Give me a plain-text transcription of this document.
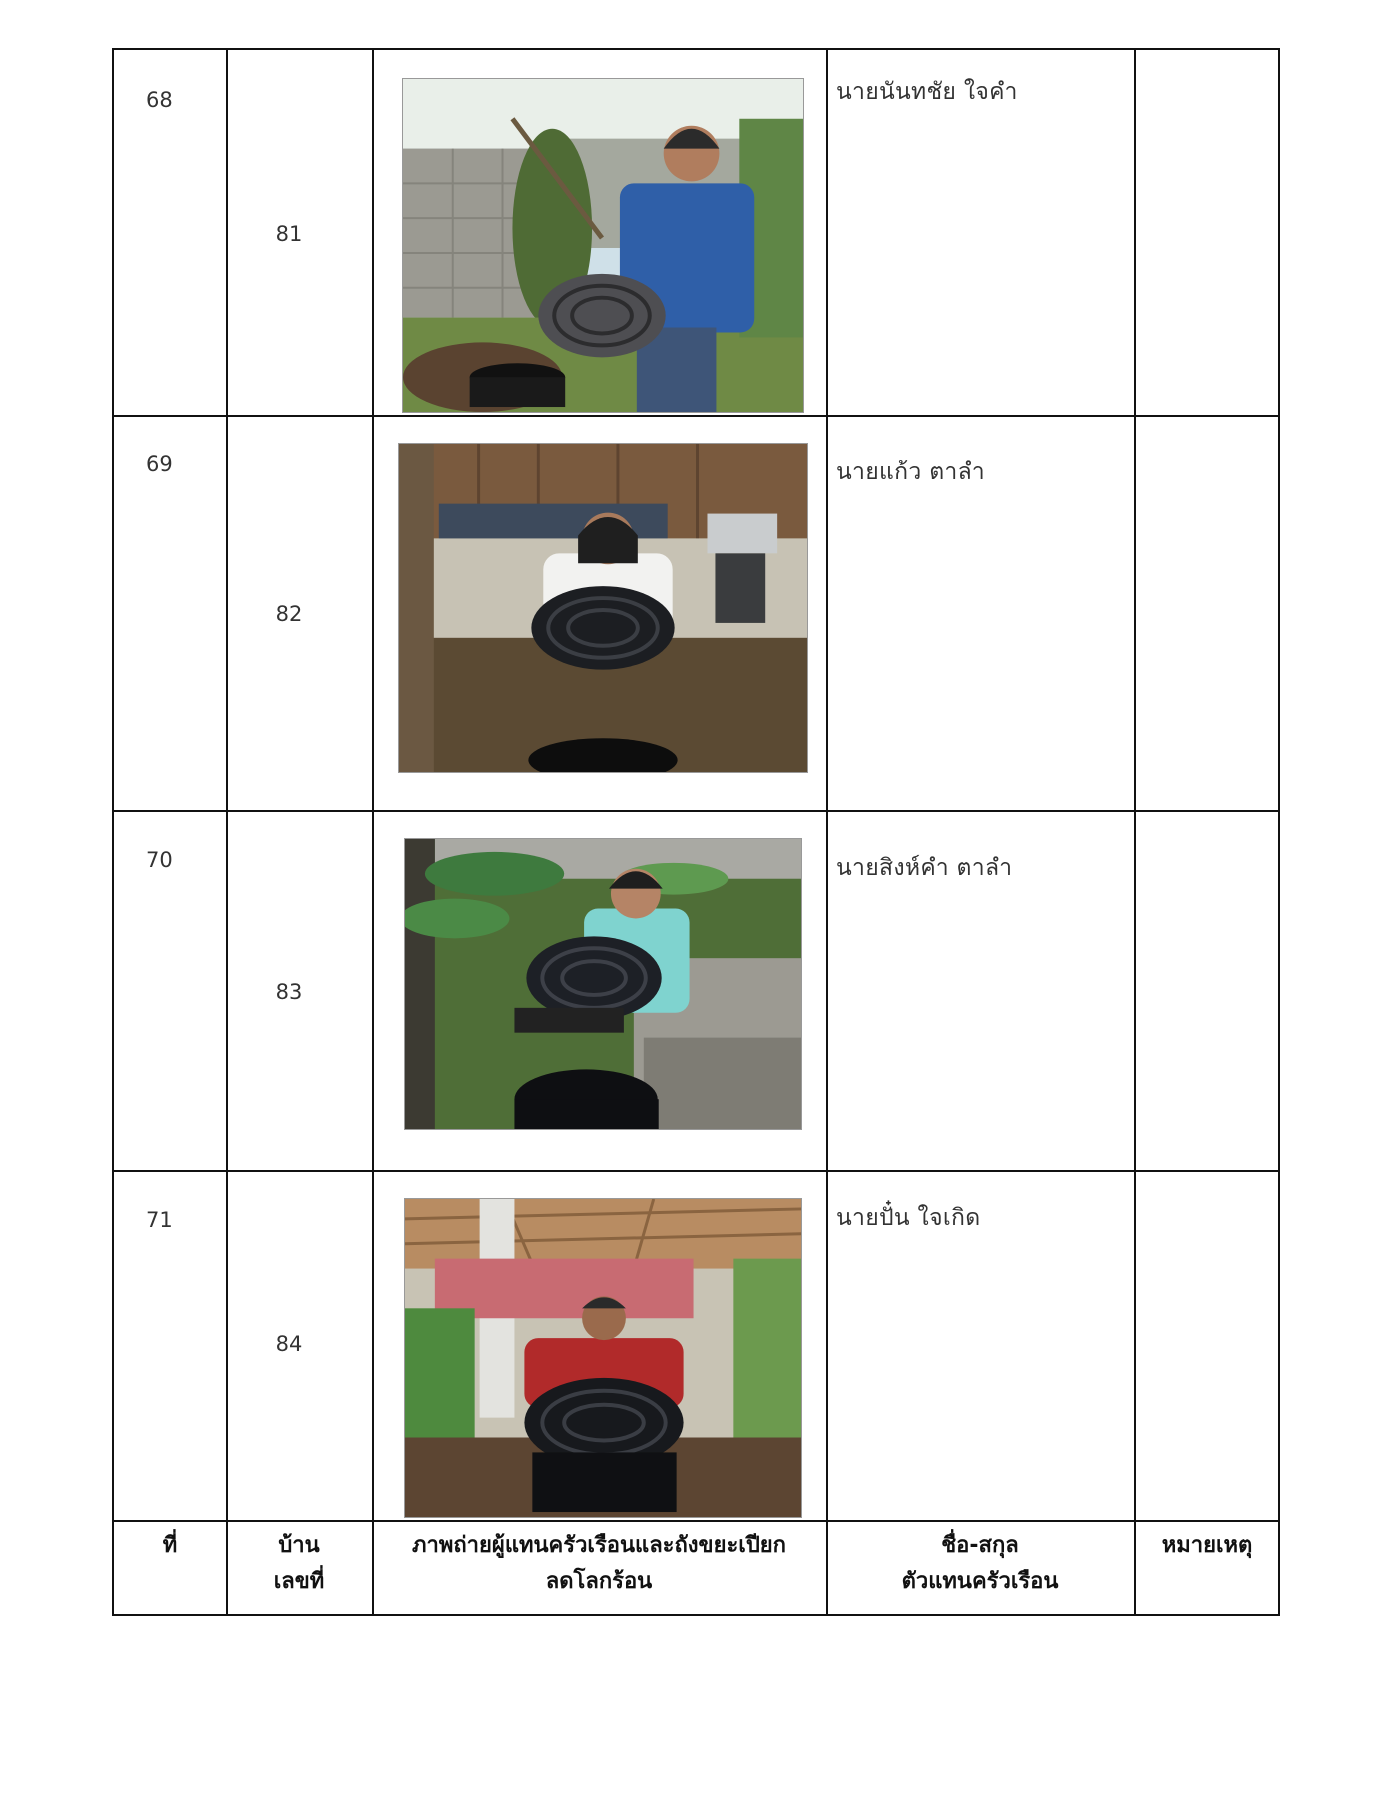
68
81
นายนันทชัย ใจคำ
69
82
นายแก้ว ตาลำ
70
83
นายสิงห์คำ ตาลำ
71
84
นายปั๋น ใจเกิด
ที่	บ้าน
เลขที่
ภาพถ่ายผู้แทนครัวเรือนและถังขยะเปียก
ลดโลกร้อน
ชื่อ-สกุล
ตัวแทนครัวเรือน
หมายเหตุ
